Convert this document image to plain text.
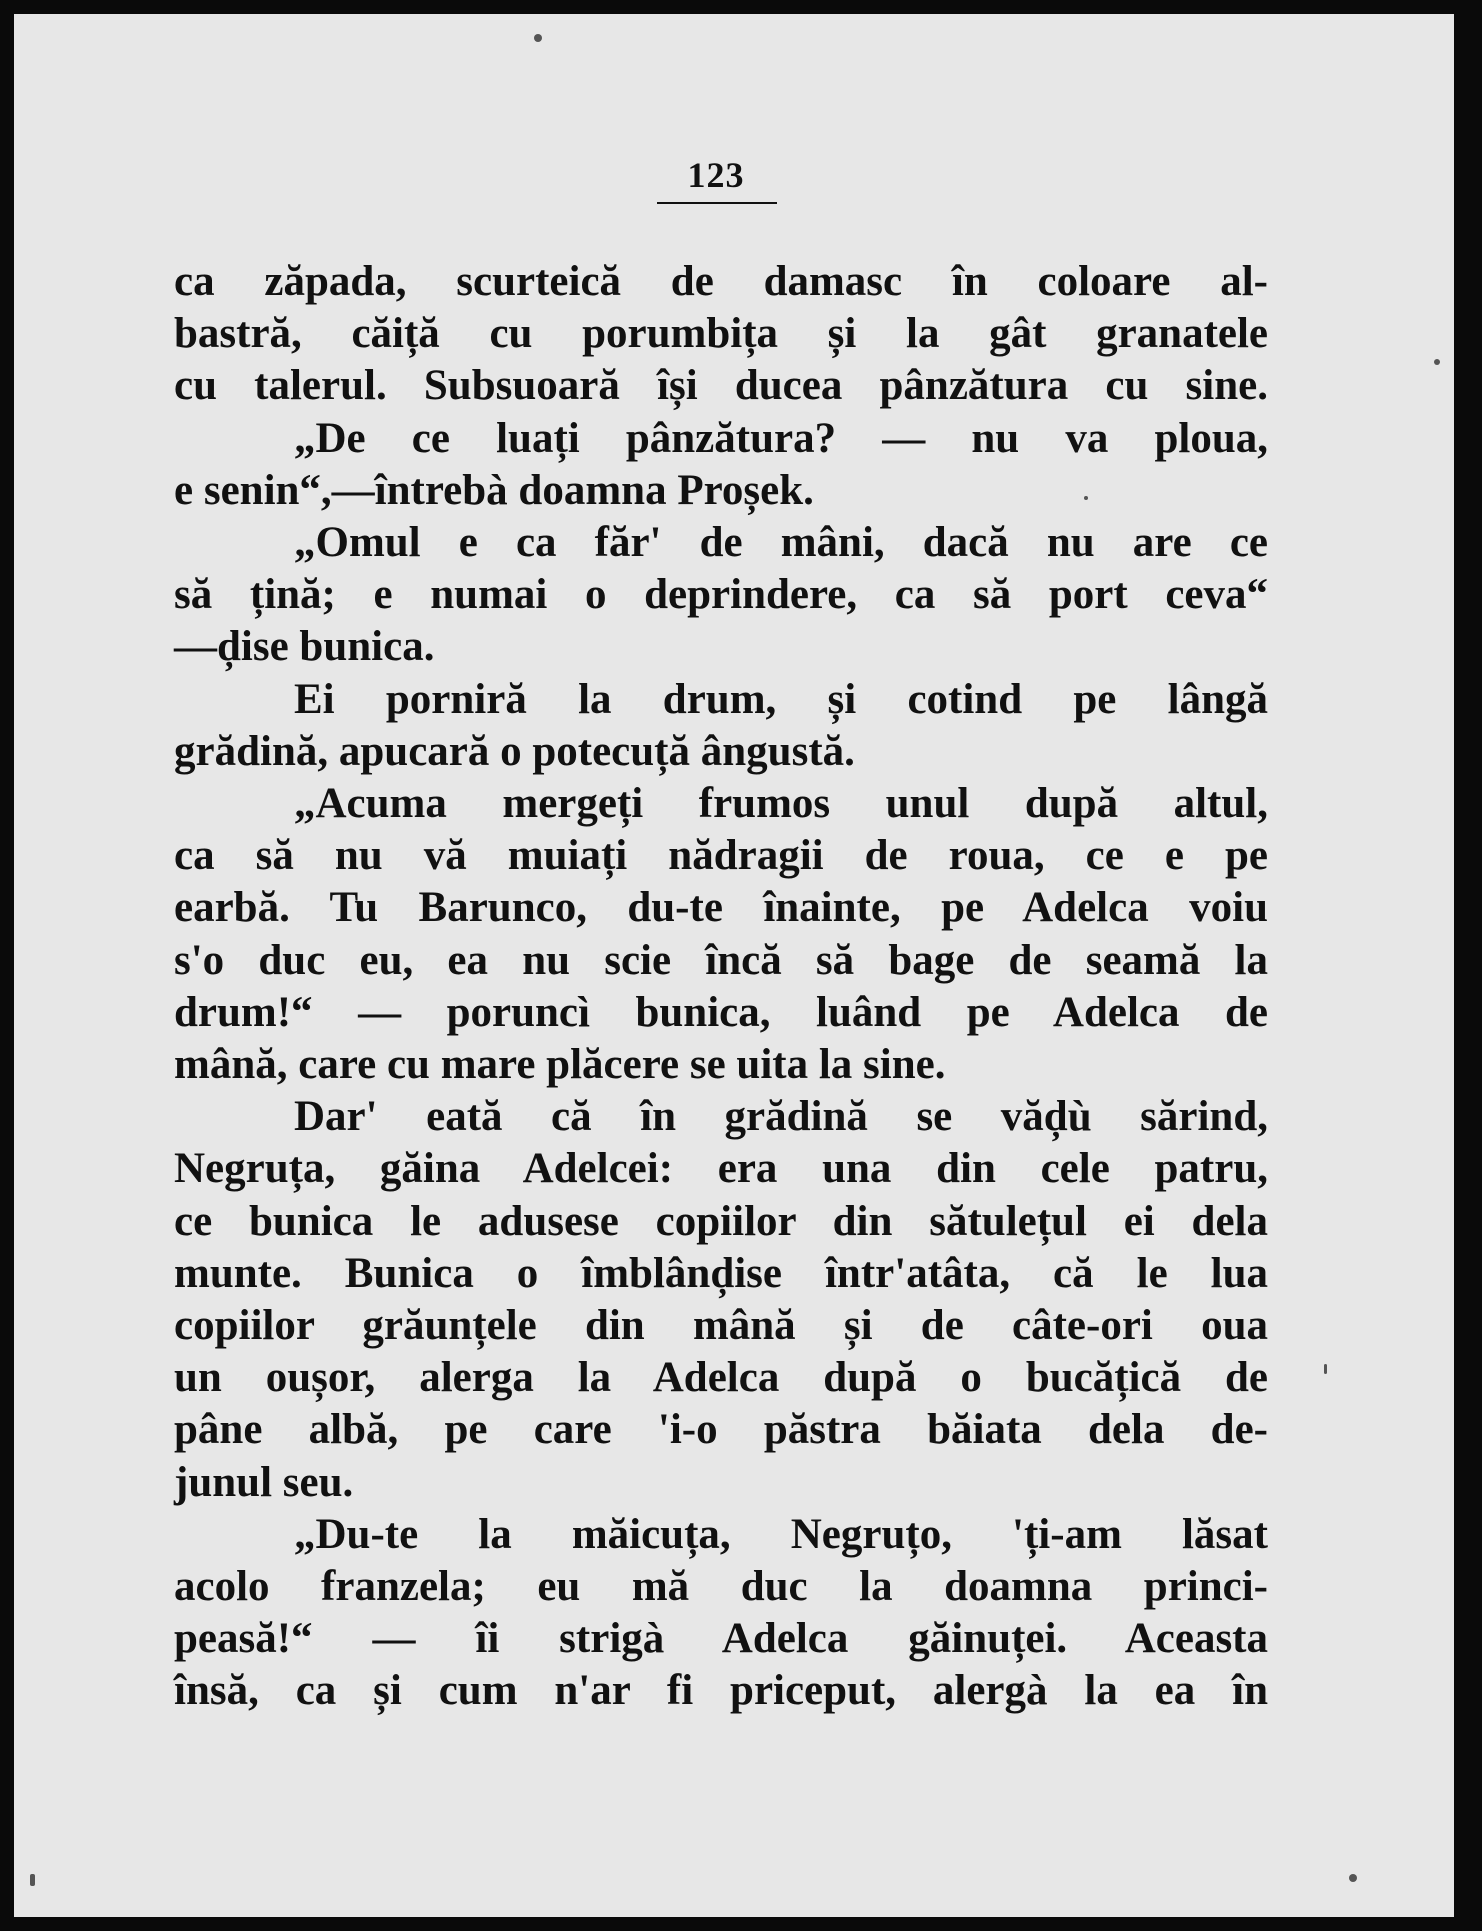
123
ca zăpada, scurteică de damasc în coloare al-
bastră, căiță cu porumbița și la gât granatele
cu talerul. Subsuoară își ducea pânzătura cu sine.
„De ce luați pânzătura? — nu va ploua,
e senin“,—întrebà doamna Proșek.
„Omul e ca făr' de mâni, dacă nu are ce
să țină; e numai o deprindere, ca să port ceva“
—ḑise bunica.
Ei porniră la drum, și cotind pe lângă
grădină, apucară o potecuță ângustă.
„Acuma mergeți frumos unul după altul,
ca să nu vă muiați nădragii de roua, ce e pe
earbă. Tu Barunco, du-te înainte, pe Adelca voiu
s'o duc eu, ea nu scie încă să bage de seamă la
drum!“ — poruncì bunica, luând pe Adelca de
mână, care cu mare plăcere se uita la sine.
Dar' eată că în grădină se văḑù sărind,
Negruța, găina Adelcei: era una din cele patru,
ce bunica le adusese copiilor din sătulețul ei dela
munte. Bunica o îmblânḑise într'atâta, că le lua
copiilor grăunțele din mână și de câte-ori oua
un oușor, alerga la Adelca după o bucățică de
pâne albă, pe care 'i-o păstra băiata dela de-
junul seu.
„Du-te la măicuța, Negruțo, 'ți-am lăsat
acolo franzela; eu mă duc la doamna princi-
peasă!“ — îi strigà Adelca găinuței. Aceasta
însă, ca și cum n'ar fi priceput, alergà la ea în
